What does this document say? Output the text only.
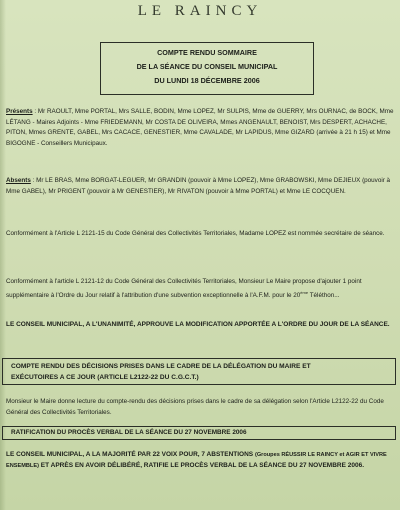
LE RAINCY
COMPTE RENDU SOMMAIRE
DE LA SÉANCE DU CONSEIL MUNICIPAL
DU LUNDI 18 DÉCEMBRE 2006
Présents : Mr RAOULT, Mme PORTAL, Mrs SALLE, BODIN, Mme LOPEZ, Mr SULPIS, Mme de GUERRY, Mrs OURNAC, de BOCK, Mme LÉTANG - Maires Adjoints - Mme FRIEDEMANN, Mr COSTA DE OLIVEIRA, Mmes ANGENAULT, BENOIST, Mrs DESPERT, ACHACHE, PITON, Mmes GRENTE, GABEL, Mrs CACACE, GENESTIER, Mme CAVALADE, Mr LAPIDUS, Mme GIZARD (arrivée à 21 h 15) et Mme BIGOGNE - Conseillers Municipaux.
Absents : Mr LE BRAS, Mme BORGAT-LEGUER, Mr GRANDIN (pouvoir à Mme LOPEZ), Mme GRABOWSKI, Mme DEJIEUX (pouvoir à Mme GABEL), Mr PRIGENT (pouvoir à Mr GENESTIER), Mr RIVATON (pouvoir à Mme PORTAL) et Mme LE COCQUEN.
Conformément à l'Article L 2121-15 du Code Général des Collectivités Territoriales, Madame LOPEZ est nommée secrétaire de séance.
Conformément à l'article L 2121-12 du Code Général des Collectivités Territoriales, Monsieur Le Maire propose d'ajouter 1 point supplémentaire à l'Ordre du Jour relatif à l'attribution d'une subvention exceptionnelle à l'A.F.M. pour le 20ème Téléthon...
LE CONSEIL MUNICIPAL, A L'UNANIMITÉ, APPROUVE LA MODIFICATION APPORTÉE A L'ORDRE DU JOUR DE LA SÉANCE.
COMPTE RENDU DES DÉCISIONS PRISES DANS LE CADRE DE LA DÉLÉGATION DU MAIRE ET
EXÉCUTOIRES A CE JOUR (ARTICLE L2122-22 DU C.G.C.T.)
Monsieur le Maire donne lecture du compte-rendu des décisions prises dans le cadre de sa délégation selon l'Article L2122-22 du Code Général des Collectivités Territoriales.
RATIFICATION DU PROCÈS VERBAL DE LA SÉANCE DU 27 NOVEMBRE 2006
LE CONSEIL MUNICIPAL, A LA MAJORITÉ PAR 22 VOIX POUR, 7 ABSTENTIONS (Groupes RÉUSSIR LE RAINCY et AGIR ET VIVRE ENSEMBLE) ET APRÈS EN AVOIR DÉLIBÉRÉ, RATIFIE LE PROCÈS VERBAL DE LA SÉANCE DU 27 NOVEMBRE 2006.
